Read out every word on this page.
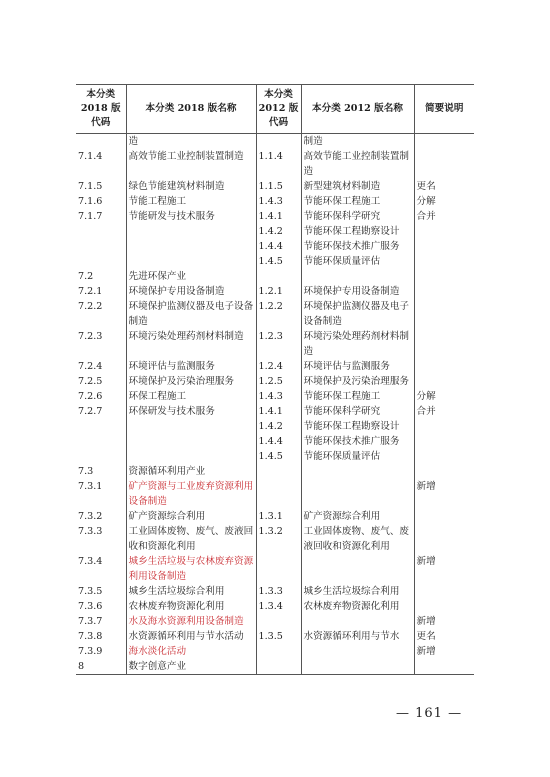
本分类
2018 版
代码	本分类 2018 版名称	本分类
2012 版
代码	本分类 2012 版名称	简要说明
	造		制造	
7.1.4	高效节能工业控制装置制造	1.1.4	高效节能工业控制装置制造	
7.1.5	绿色节能建筑材料制造	1.1.5	新型建筑材料制造	更名
7.1.6	节能工程施工	1.4.3	节能环保工程施工	分解
7.1.7	节能研发与技术服务	1.4.1	节能环保科学研究	合并
		1.4.2	节能环保工程勘察设计	
		1.4.4	节能环保技术推广服务	
		1.4.5	节能环保质量评估	
7.2	先进环保产业			
7.2.1	环境保护专用设备制造	1.2.1	环境保护专用设备制造	
7.2.2	环境保护监测仪器及电子设备制造	1.2.2	环境保护监测仪器及电子设备制造	
7.2.3	环境污染处理药剂材料制造	1.2.3	环境污染处理药剂材料制造	
7.2.4	环境评估与监测服务	1.2.4	环境评估与监测服务	
7.2.5	环境保护及污染治理服务	1.2.5	环境保护及污染治理服务	
7.2.6	环保工程施工	1.4.3	节能环保工程施工	分解
7.2.7	环保研发与技术服务	1.4.1	节能环保科学研究	合并
		1.4.2	节能环保工程勘察设计	
		1.4.4	节能环保技术推广服务	
		1.4.5	节能环保质量评估	
7.3	资源循环利用产业			
7.3.1	矿产资源与工业废弃资源利用设备制造			新增
7.3.2	矿产资源综合利用	1.3.1	矿产资源综合利用	
7.3.3	工业固体废物、废气、废液回收和资源化利用	1.3.2	工业固体废物、废气、废液回收和资源化利用	
7.3.4	城乡生活垃圾与农林废弃资源利用设备制造			新增
7.3.5	城乡生活垃圾综合利用	1.3.3	城乡生活垃圾综合利用	
7.3.6	农林废弃物资源化利用	1.3.4	农林废弃物资源化利用	
7.3.7	水及海水资源利用设备制造			新增
7.3.8	水资源循环利用与节水活动	1.3.5	水资源循环利用与节水	更名
7.3.9	海水淡化活动			新增
8	数字创意产业			
— 161 —
